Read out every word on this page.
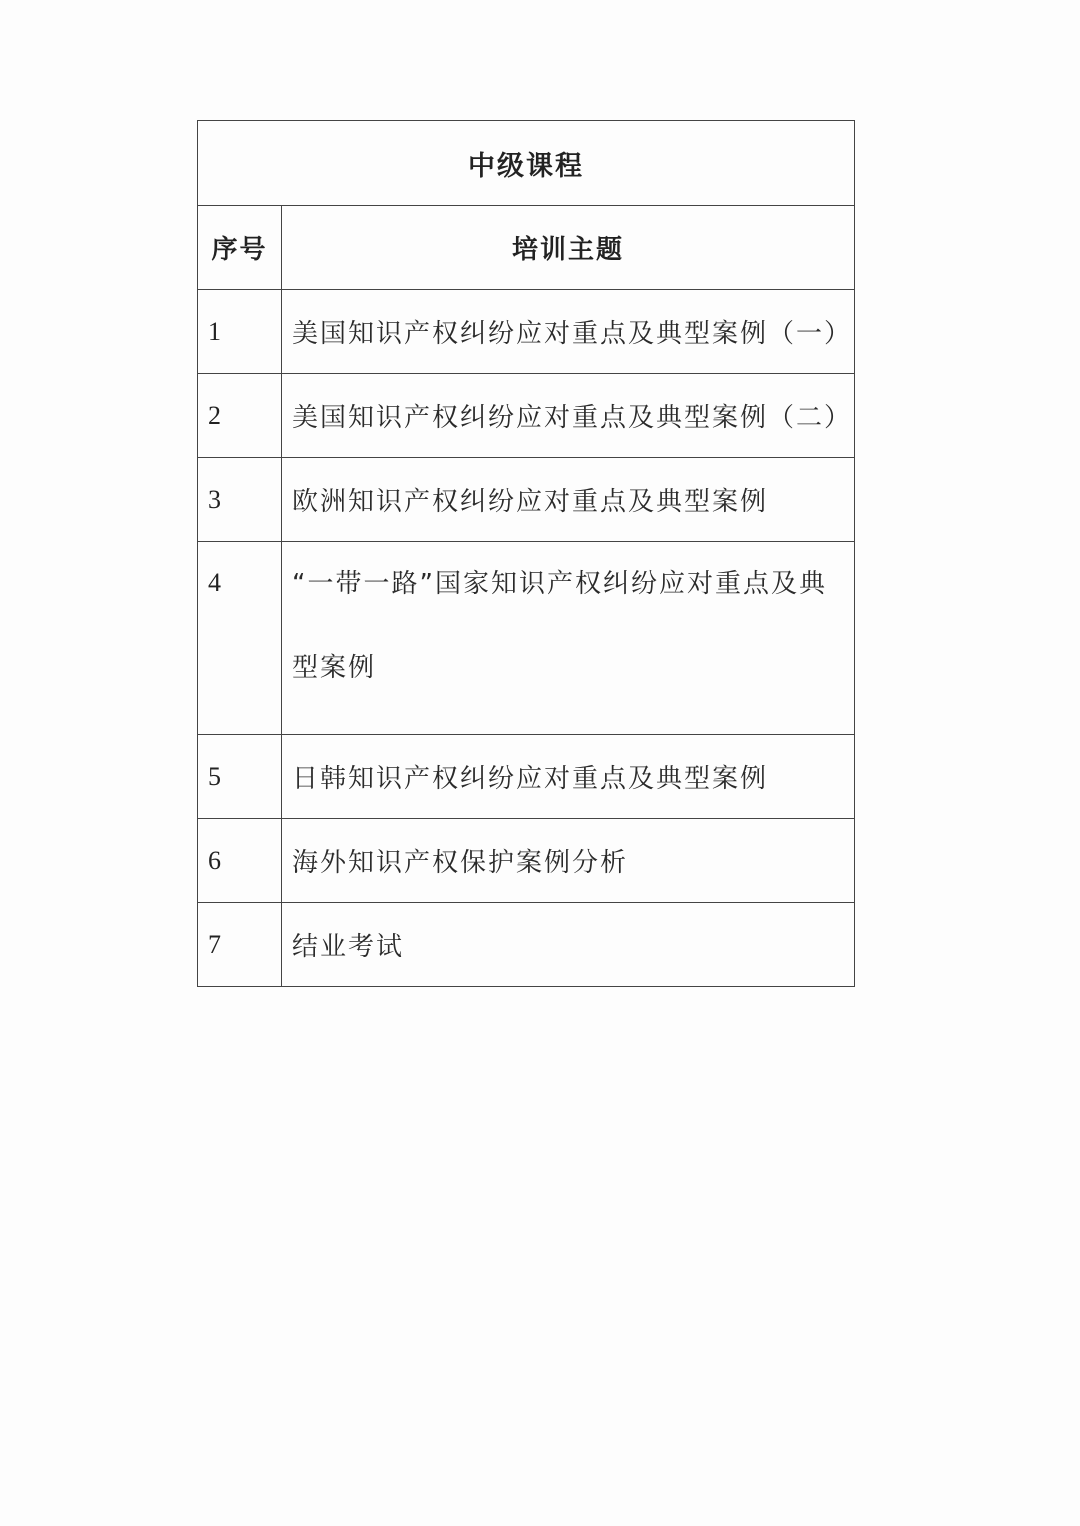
中级课程	
序号	培训主题
1	美国知识产权纠纷应对重点及典型案例（一）
2	美国知识产权纠纷应对重点及典型案例（二）
3	欧洲知识产权纠纷应对重点及典型案例
4	“一带一路”国家知识产权纠纷应对重点及典型案例

5	日韩知识产权纠纷应对重点及典型案例
6	海外知识产权保护案例分析
7	结业考试
